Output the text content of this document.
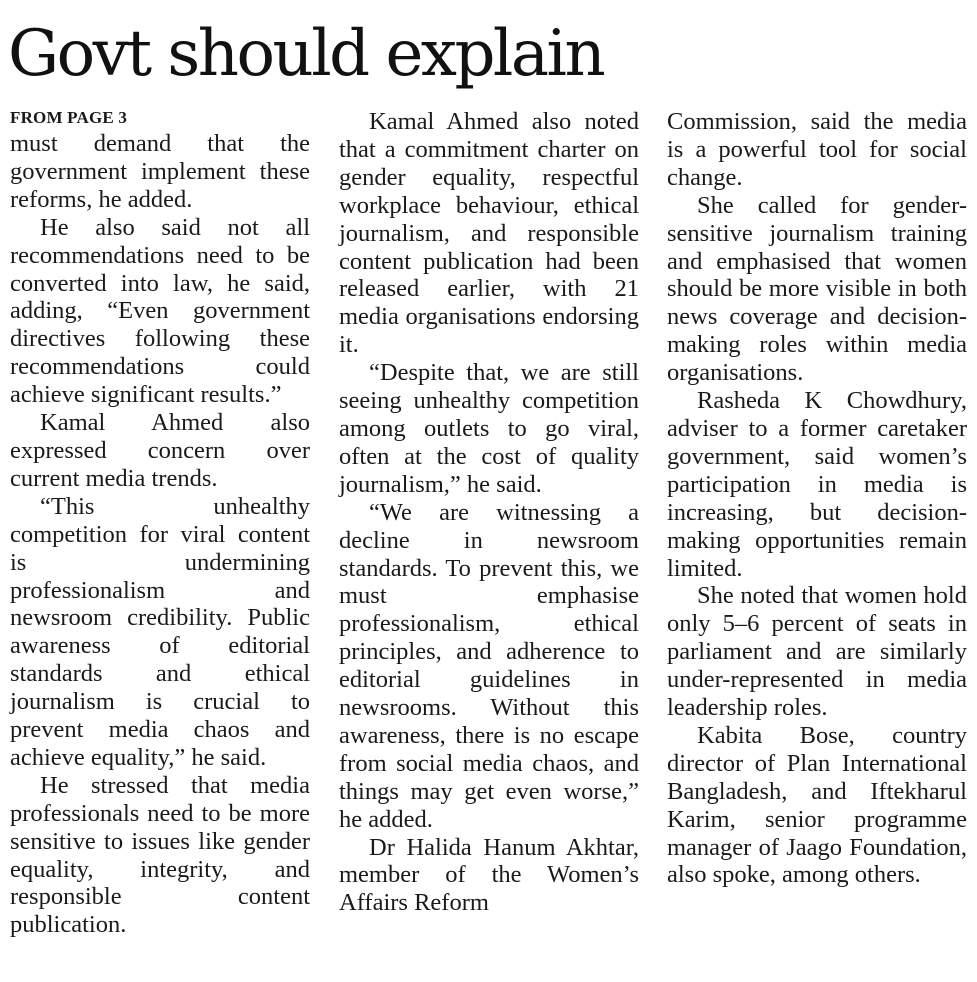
Govt should explain
FROM PAGE 3

must demand that the government implement these reforms, he added.

He also said not all recommendations need to be converted into law, he said, adding, “Even government directives following these recommendations could achieve significant results.”

Kamal Ahmed also expressed concern over current media trends.

“This unhealthy competition for viral content is undermining professionalism and newsroom credibility. Public awareness of editorial standards and ethical journalism is crucial to prevent media chaos and achieve equality,” he said.

He stressed that media professionals need to be more sensitive to issues like gender equality, integrity, and responsible content publication.

Kamal Ahmed also noted that a commitment charter on gender equality, respectful workplace behaviour, ethical journalism, and responsible content publication had been released earlier, with 21 media organisations endorsing it.

“Despite that, we are still seeing unhealthy competition among outlets to go viral, often at the cost of quality journalism,” he said.

“We are witnessing a decline in newsroom standards. To prevent this, we must emphasise professionalism, ethical principles, and adherence to editorial guidelines in newsrooms. Without this awareness, there is no escape from social media chaos, and things may get even worse,” he added.

Dr Halida Hanum Akhtar, member of the Women’s Affairs Reform

Commission, said the media is a powerful tool for social change.

She called for gender-sensitive journalism training and emphasised that women should be more visible in both news coverage and decision-making roles within media organisations.

Rasheda K Chowdhury, adviser to a former caretaker government, said women’s participation in media is increasing, but decision-making opportunities remain limited.

She noted that women hold only 5–6 percent of seats in parliament and are similarly under-represented in media leadership roles.

Kabita Bose, country director of Plan International Bangladesh, and Iftekharul Karim, senior programme manager of Jaago Foundation, also spoke, among others.
